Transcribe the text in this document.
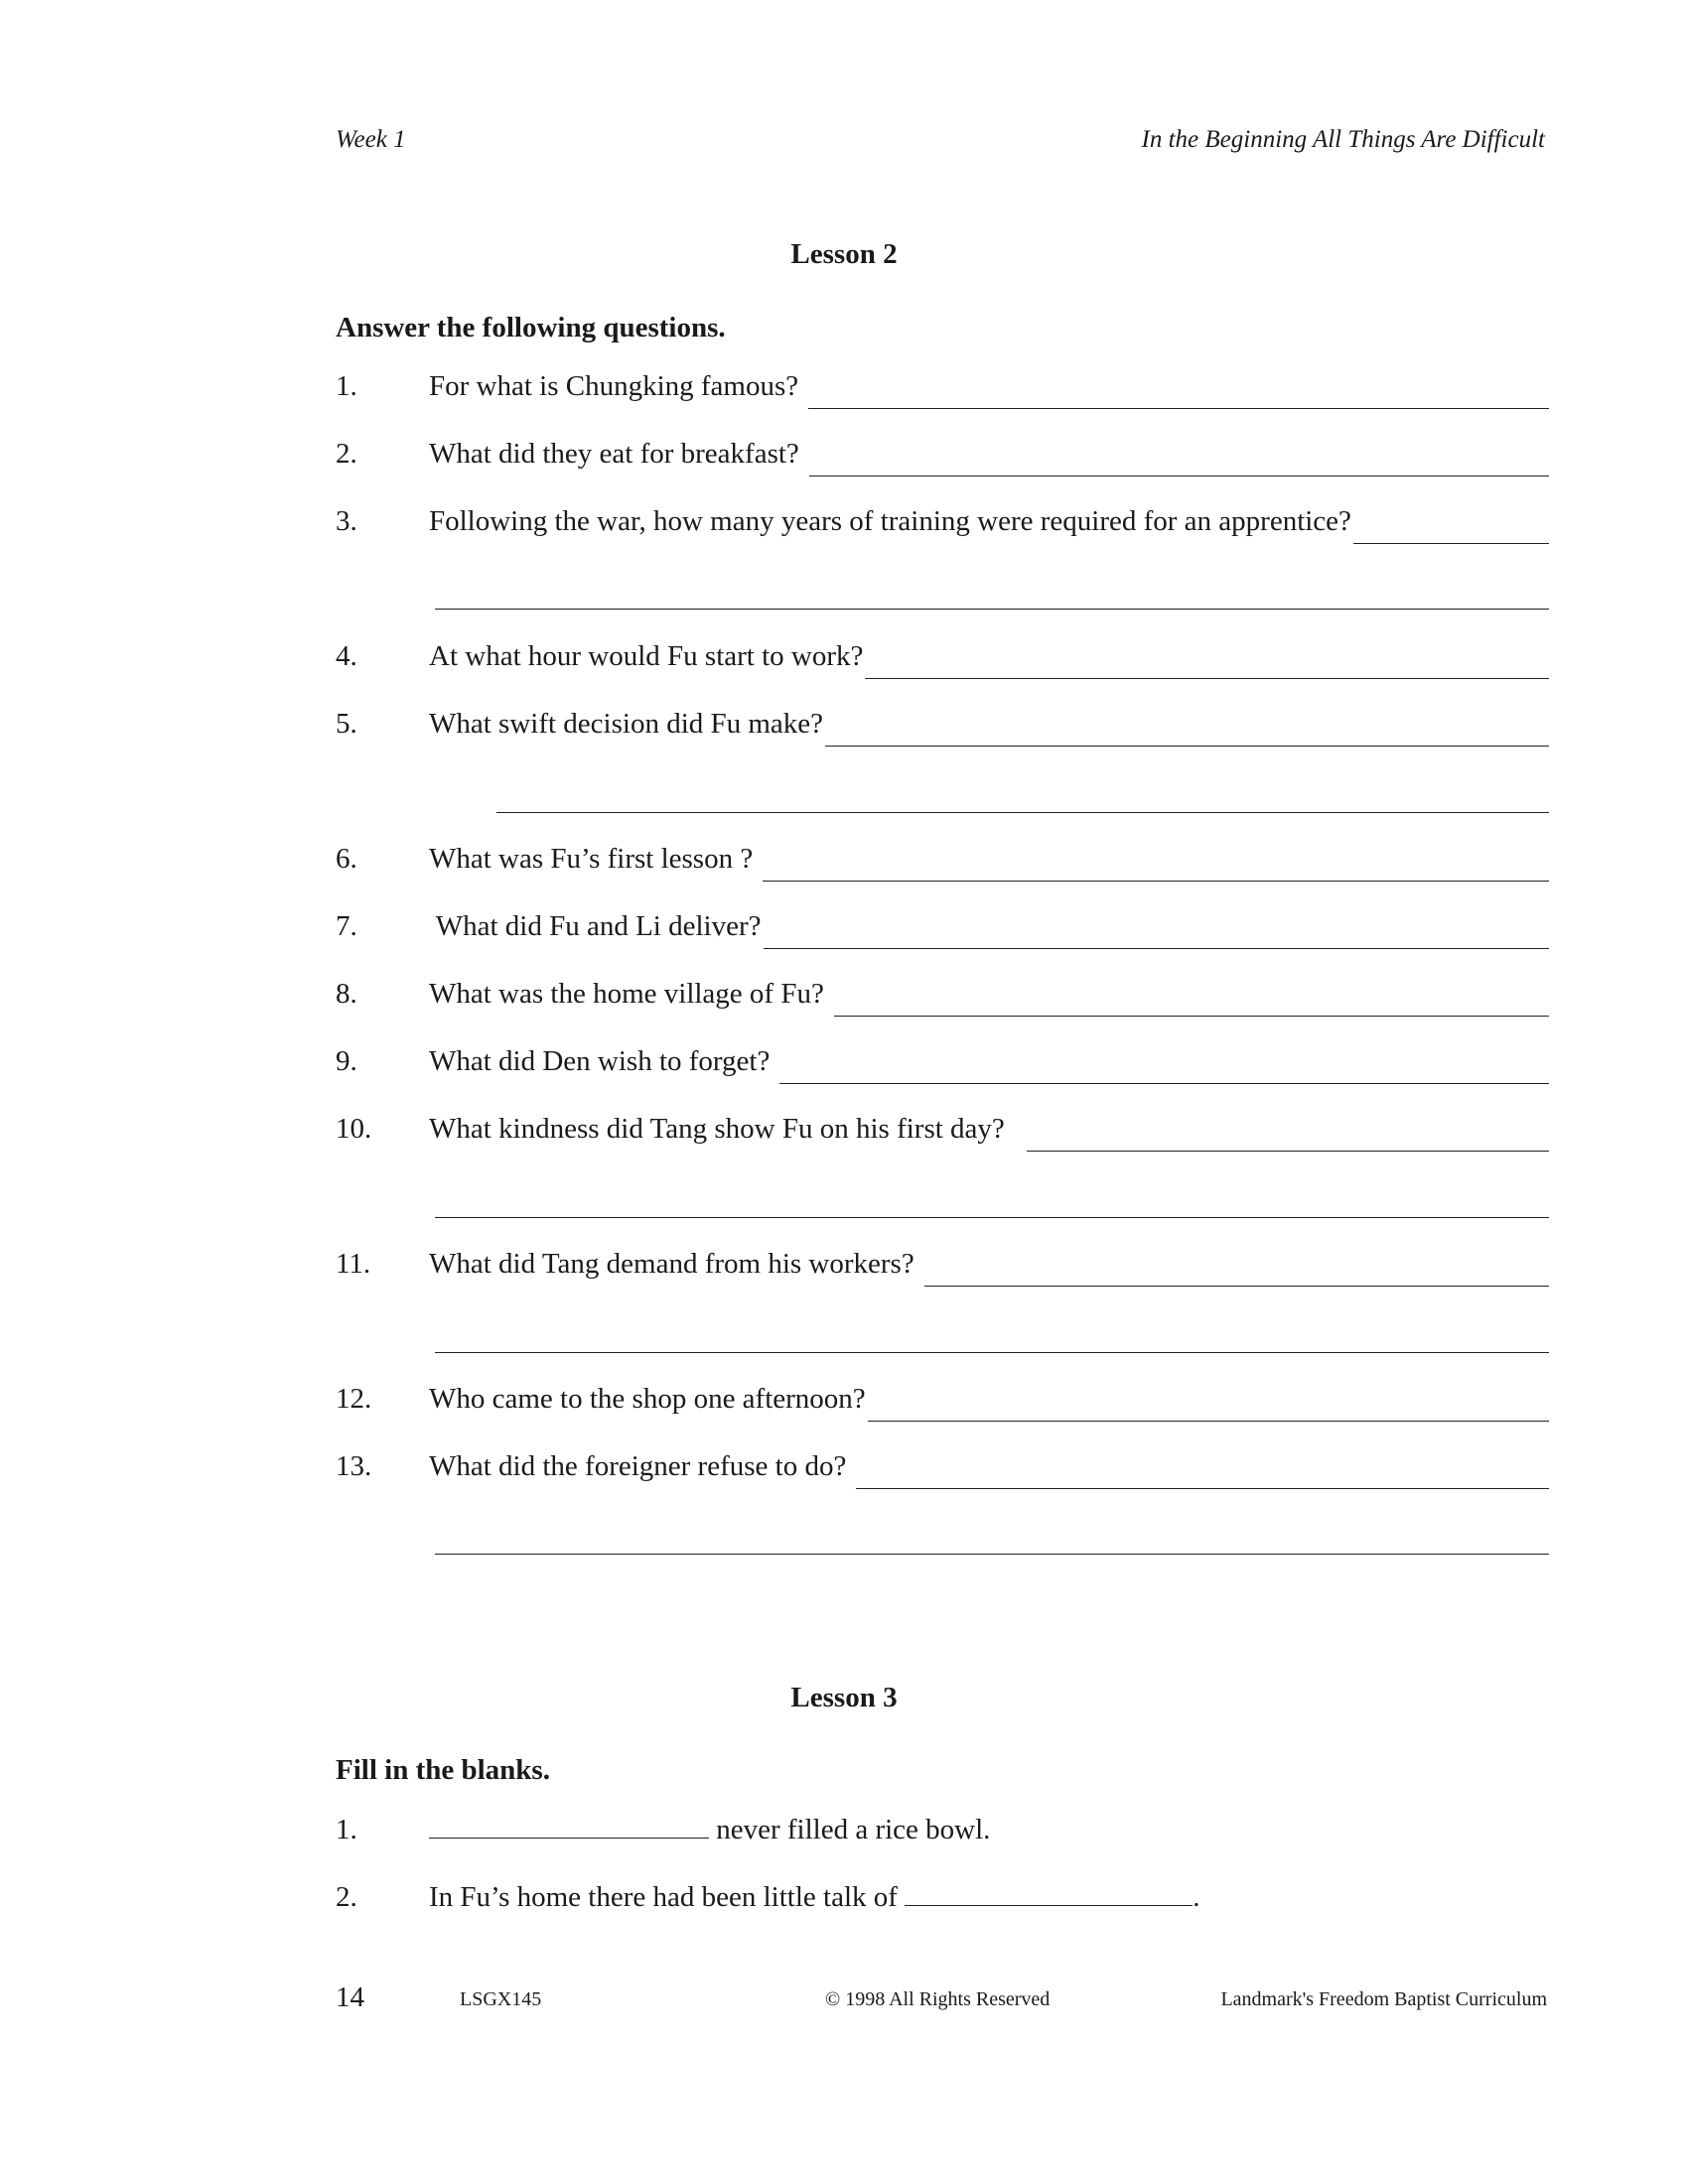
Week 1	In the Beginning All Things Are Difficult
Lesson 2
Answer the following questions.
1. For what is Chungking famous?
2. What did they eat for breakfast?
3. Following the war, how many years of training were required for an apprentice?
4. At what hour would Fu start to work?
5. What swift decision did Fu make?
6. What was Fu’s first lesson ?
7. What did Fu and Li deliver?
8. What was the home village of Fu?
9. What did Den wish to forget?
10. What kindness did Tang show Fu on his first day?
11. What did Tang demand from his workers?
12. Who came to the shop one afternoon?
13. What did the foreigner refuse to do?
Lesson 3
Fill in the blanks.
1.	never filled a rice bowl.
2. In Fu’s home there had been little talk of	.
14	LSGX145	© 1998 All Rights Reserved	Landmark's Freedom Baptist Curriculum
